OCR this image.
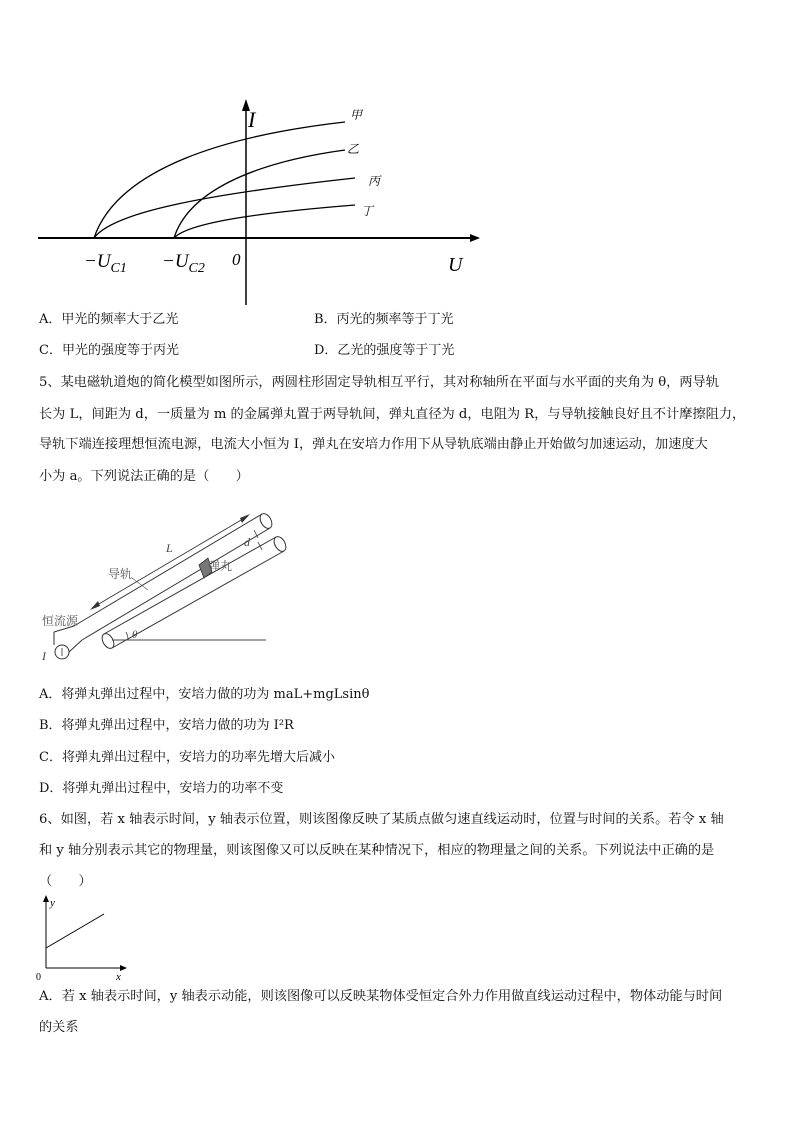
I
U
0
$-U_{C1} -U_{C2}$
甲
乙
丙
丁
A．甲光的频率大于乙光	B．丙光的频率等于丁光
C．甲光的强度等于丙光	D．乙光的强度等于丁光
5、某电磁轨道炮的简化模型如图所示，两圆柱形固定导轨相互平行，其对称轴所在平面与水平面的夹角为 θ，两导轨
长为 L，间距为 d，一质量为 m 的金属弹丸置于两导轨间，弹丸直径为 d，电阻为 R，与导轨接触良好且不计摩擦阻力，
导轨下端连接理想恒流电源，电流大小恒为 I，弹丸在安培力作用下从导轨底端由静止开始做匀加速运动，加速度大
小为 a。下列说法正确的是（　　）
L	d
弹丸
导轨
恒流源
I
θ
A．将弹丸弹出过程中，安培力做的功为 maL+mgLsinθ
B．将弹丸弹出过程中，安培力做的功为 I²R
C．将弹丸弹出过程中，安培力的功率先增大后减小
D．将弹丸弹出过程中，安培力的功率不变
6、如图，若 x 轴表示时间，y 轴表示位置，则该图像反映了某质点做匀速直线运动时，位置与时间的关系。若令 x 轴
和 y 轴分别表示其它的物理量，则该图像又可以反映在某种情况下，相应的物理量之间的关系。下列说法中正确的是
（　　）
y
x
0
A．若 x 轴表示时间，y 轴表示动能，则该图像可以反映某物体受恒定合外力作用做直线运动过程中，物体动能与时间
的关系
